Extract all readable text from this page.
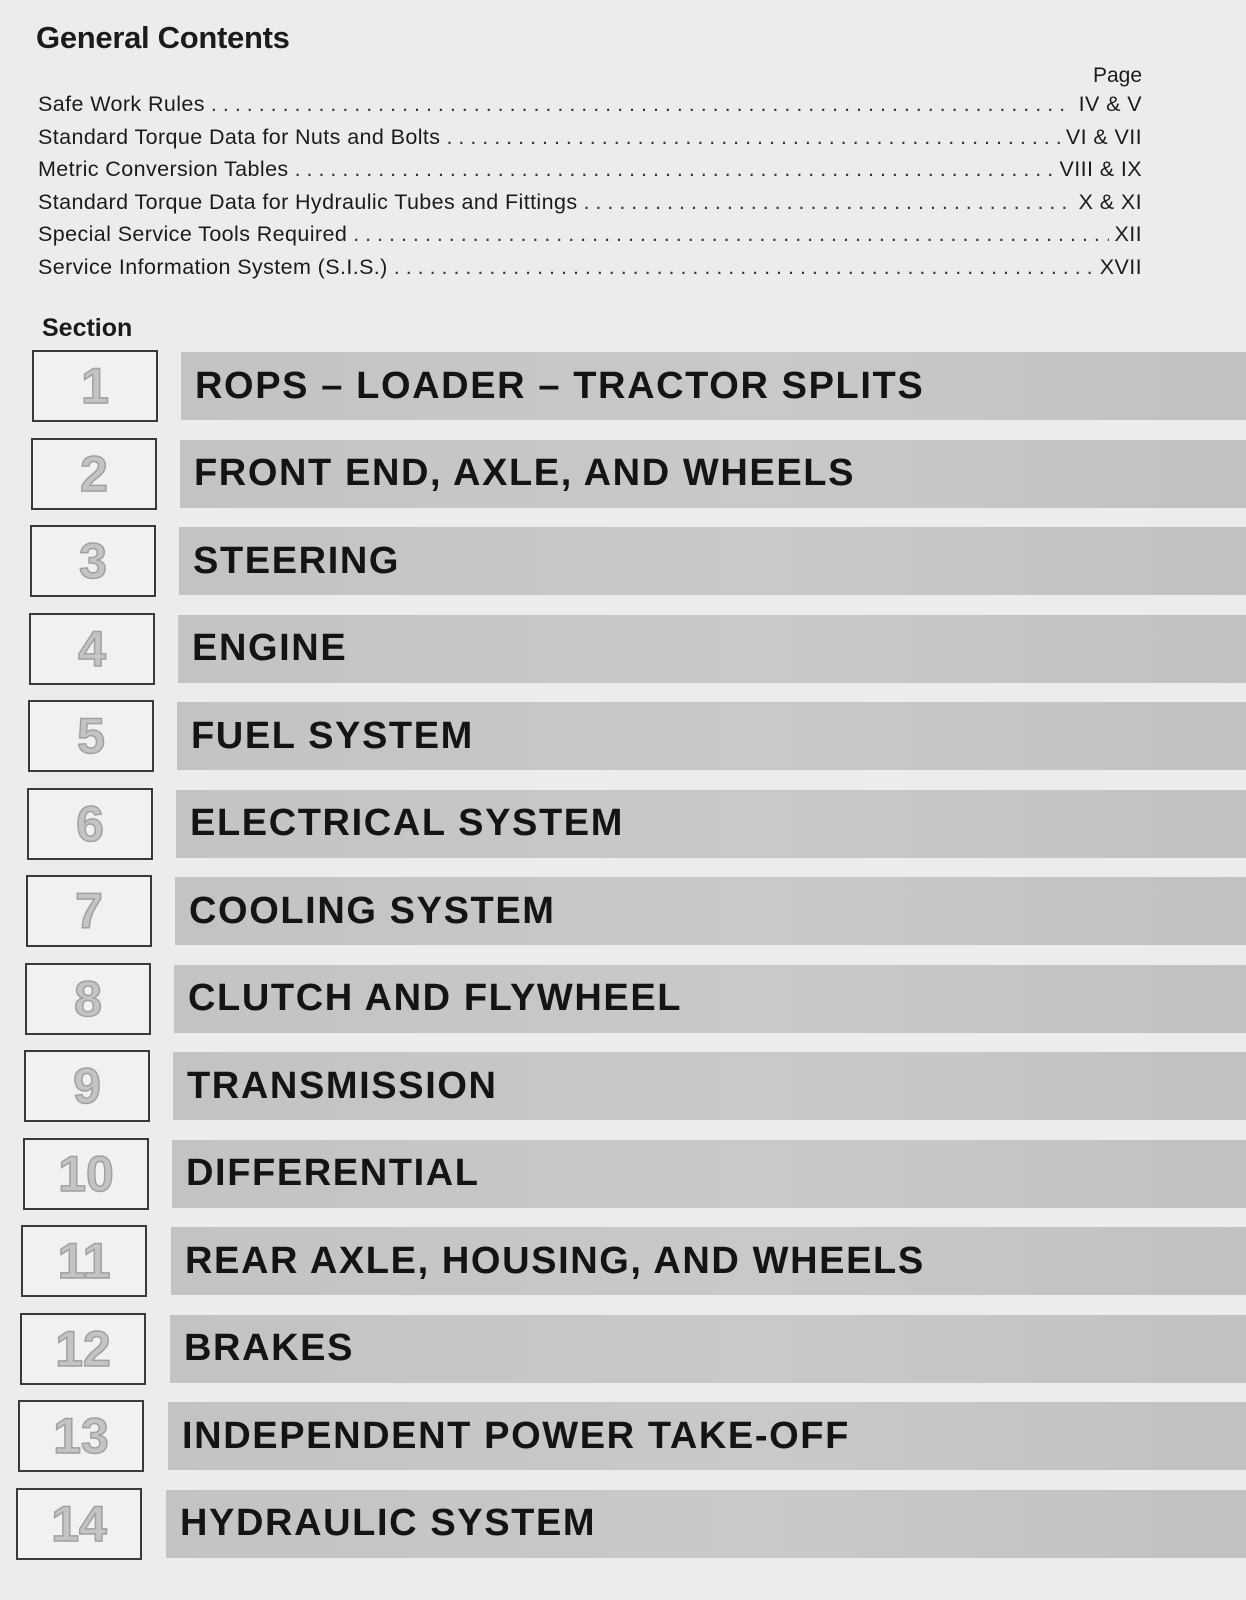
General Contents
Page
Safe Work Rules . . .	IV & V
Standard Torque Data for Nuts and Bolts . . .	VI & VII
Metric Conversion Tables . . .	VIII & IX
Standard Torque Data for Hydraulic Tubes and Fittings . . .	X & XI
Special Service Tools Required . . .	XII
Service Information System (S.I.S.) . . .	XVII
Section
1	ROPS – LOADER – TRACTOR SPLITS
2	FRONT END, AXLE, AND WHEELS
3	STEERING
4	ENGINE
5	FUEL SYSTEM
6	ELECTRICAL SYSTEM
7	COOLING SYSTEM
8	CLUTCH AND FLYWHEEL
9	TRANSMISSION
10	DIFFERENTIAL
11	REAR AXLE, HOUSING, AND WHEELS
12	BRAKES
13	INDEPENDENT POWER TAKE-OFF
14	HYDRAULIC SYSTEM
